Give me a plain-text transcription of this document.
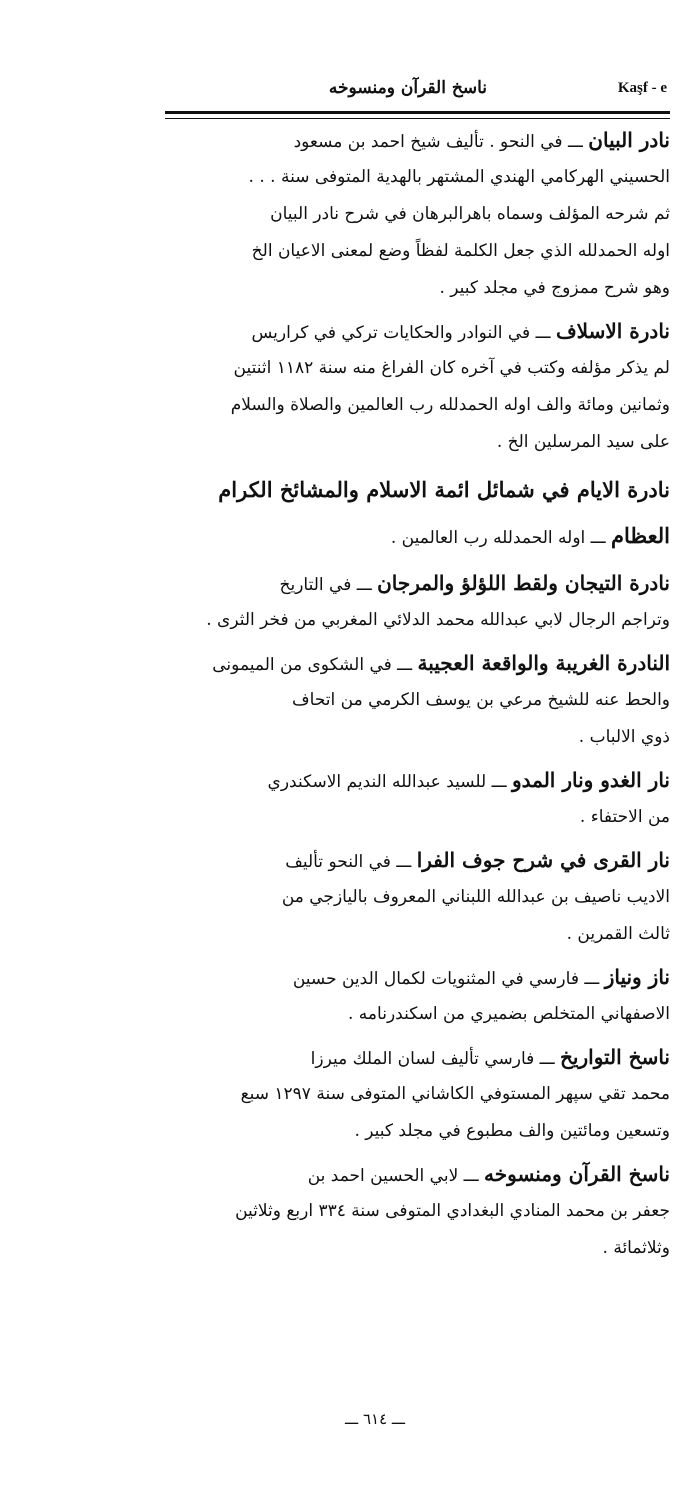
ناسخ القرآن ومنسوخه	Kaşf - e
نادر البيان ـــ في النحو . تأليف شيخ احمد بن مسعود
الحسيني الهركامي الهندي المشتهر بالهدية المتوفى سنة . . .
ثم شرحه المؤلف وسماه باهرالبرهان في شرح نادر البيان
اوله الحمدلله الذي جعل الكلمة لفظاً وضع لمعنى الاعيان الخ
وهو شرح ممزوج في مجلد كبير .
نادرة الاسلاف ـــ في النوادر والحكايات تركي في كراريس
لم يذكر مؤلفه وكتب في آخره كان الفراغ منه سنة ١١٨٢ اثنتين
وثمانين ومائة والف اوله الحمدلله رب العالمين والصلاة والسلام
على سيد المرسلين الخ .
نادرة الايام في شمائل ائمة الاسلام والمشائخ الكرام
العظام ـــ اوله الحمدلله رب العالمين .
نادرة التيجان ولقط اللؤلؤ والمرجان ـــ في التاريخ
وتراجم الرجال لابي عبدالله محمد الدلائي المغربي من فخر الثرى .
النادرة الغريبة والواقعة العجيبة ـــ في الشكوى من الميمونى
والحط عنه للشيخ مرعي بن يوسف الكرمي من اتحاف
ذوي الالباب .
نار الغدو ونار المدو ـــ للسيد عبدالله النديم الاسكندري
من الاحتفاء .
نار القرى في شرح جوف الفرا ـــ في النحو تأليف
الاديب ناصيف بن عبدالله اللبناني المعروف باليازجي من
ثالث القمرين .
ناز ونياز ـــ فارسي في المثنويات لكمال الدين حسين
الاصفهاني المتخلص بضميري من اسكندرنامه .
ناسخ التواريخ ـــ فارسي تأليف لسان الملك ميرزا
محمد تقي سپهر المستوفي الكاشاني المتوفى سنة ١٢٩٧ سبع
وتسعين ومائتين والف مطبوع في مجلد كبير .
ناسخ القرآن ومنسوخه ـــ لابي الحسين احمد بن
جعفر بن محمد المنادي البغدادي المتوفى سنة ٣٣٤ اربع وثلاثين
وثلاثمائة .
ـــ ٦١٤ ـــ
